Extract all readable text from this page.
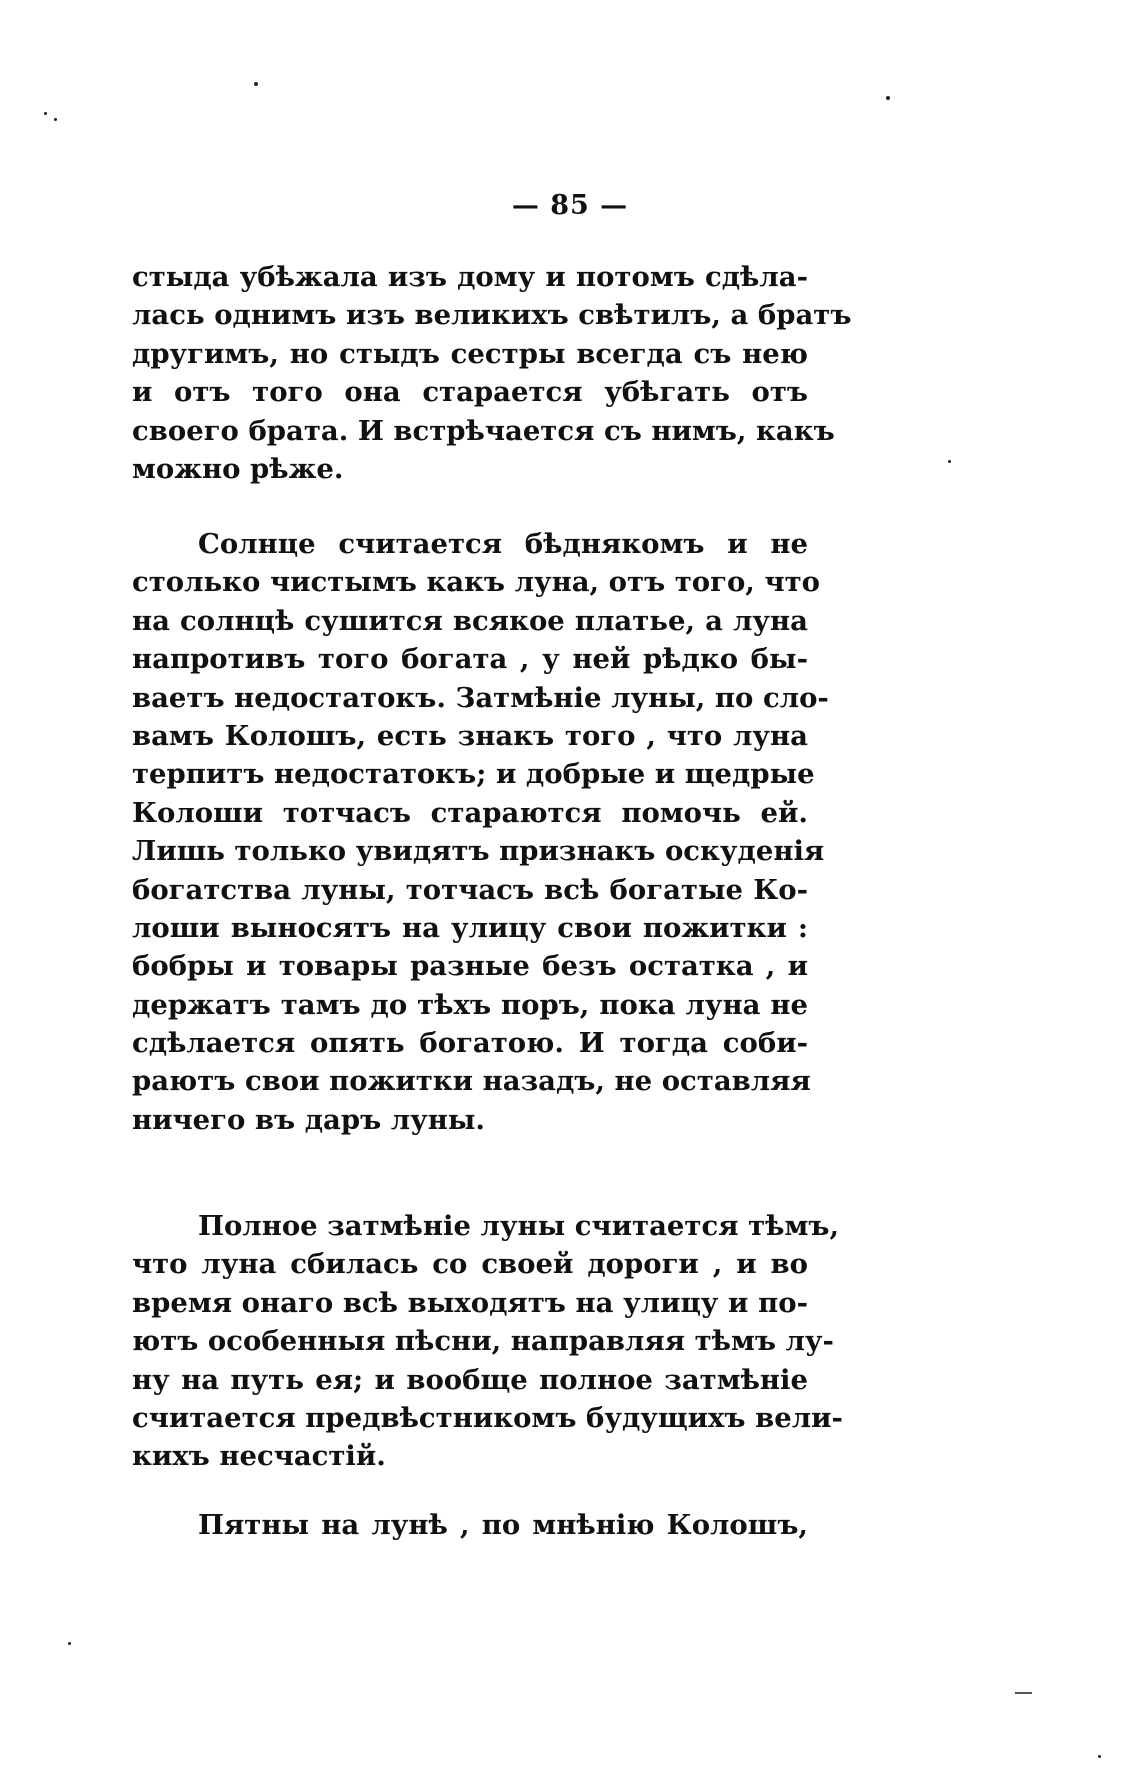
— 85 —
стыда убѣжала изъ дому и потомъ сдѣла-
лась однимъ изъ великихъ свѣтилъ, а братъ
другимъ, но стыдъ сестры всегда съ нею
и отъ того она старается убѣгать отъ
своего брата. И встрѣчается съ нимъ, какъ
можно рѣже.
Солнце считается бѣднякомъ и не
столько чистымъ какъ луна, отъ того, что
на солнцѣ сушится всякое платье, а луна
напротивъ того богата , у ней рѣдко бы-
ваетъ недостатокъ. Затмѣніе луны, по сло-
вамъ Колошъ, есть знакъ того , что луна
терпитъ недостатокъ; и добрые и щедрые
Колоши тотчасъ стараются помочь ей.
Лишь только увидятъ признакъ оскуденія
богатства луны, тотчасъ всѣ богатые Ко-
лоши выносятъ на улицу свои пожитки :
бобры и товары разные безъ остатка , и
держатъ тамъ до тѣхъ поръ, пока луна не
сдѣлается опять богатою. И тогда соби-
раютъ свои пожитки назадъ, не оставляя
ничего въ даръ луны.
Полное затмѣніе луны считается тѣмъ,
что луна сбилась со своей дороги , и во
время онаго всѣ выходятъ на улицу и по-
ютъ особенныя пѣсни, направляя тѣмъ лу-
ну на путь ея; и вообще полное затмѣніе
считается предвѣстникомъ будущихъ вели-
кихъ несчастій.
Пятны на лунѣ , по мнѣнію Колошъ,
